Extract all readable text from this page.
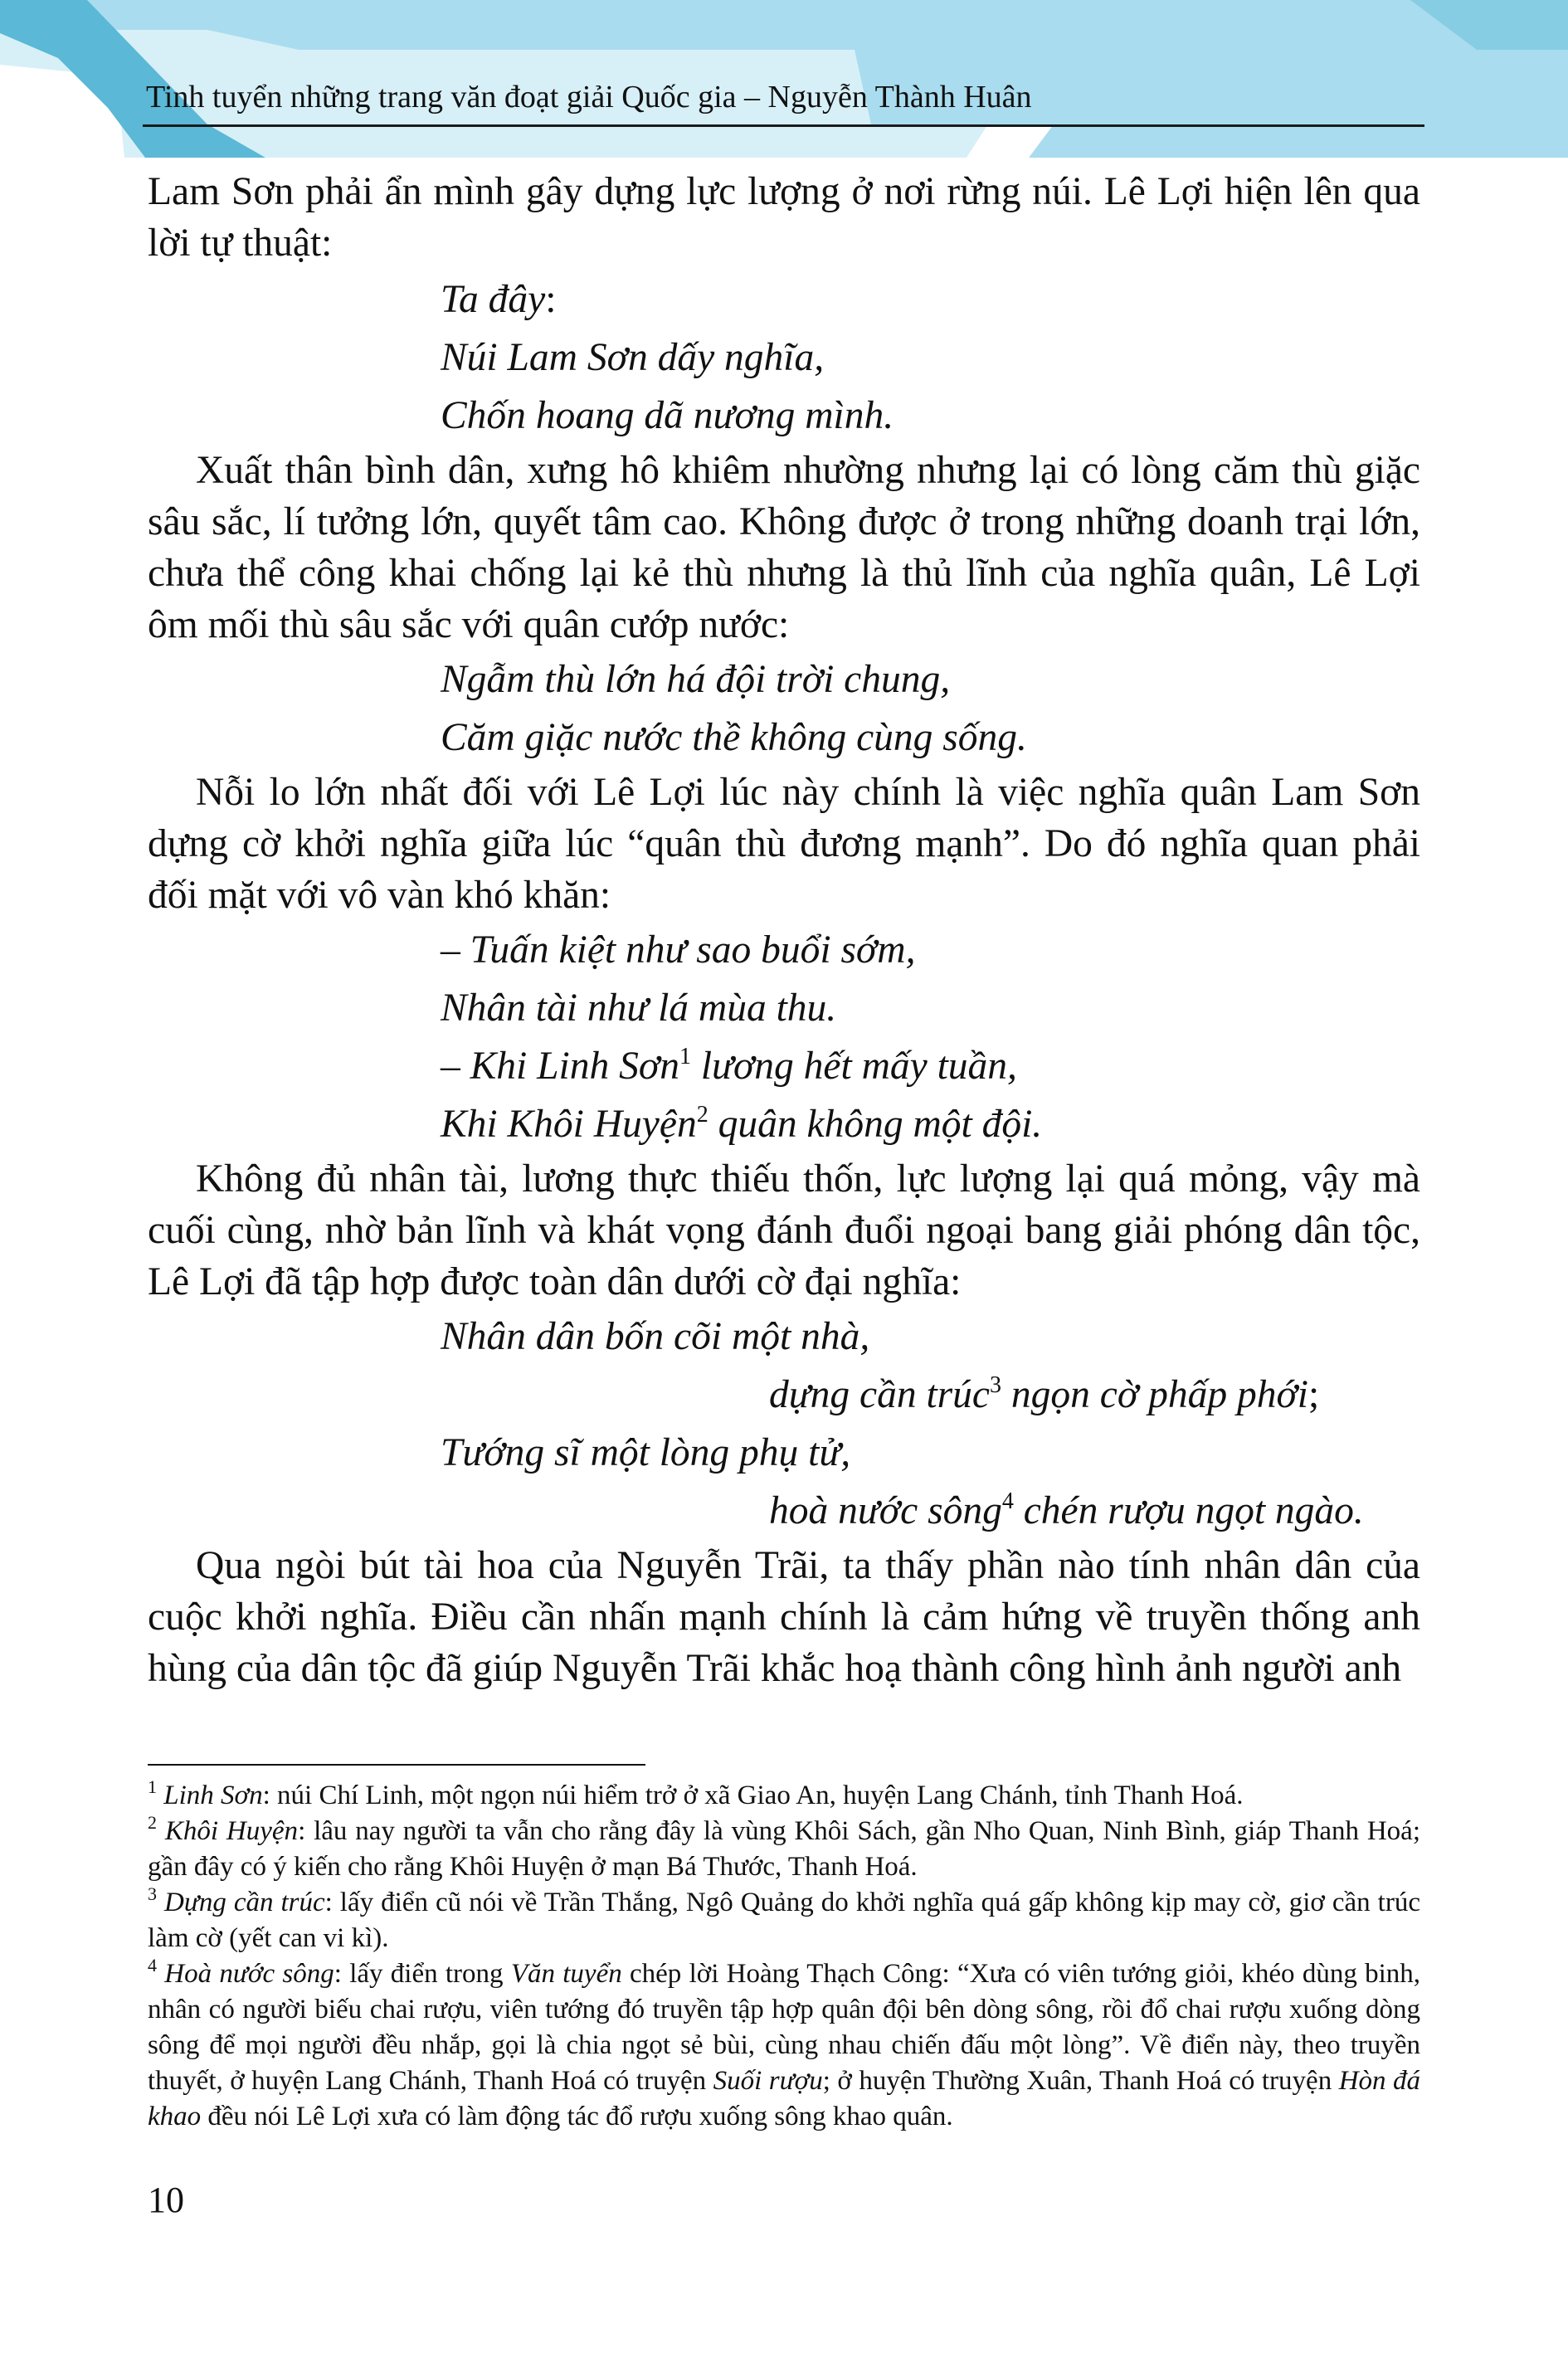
Tinh tuyển những trang văn đoạt giải Quốc gia – Nguyễn Thành Huân

Lam Sơn phải ẩn mình gây dựng lực lượng ở nơi rừng núi. Lê Lợi hiện lên qua lời tự thuật:

Ta đây:
Núi Lam Sơn dấy nghĩa,
Chốn hoang dã nương mình.

Xuất thân bình dân, xưng hô khiêm nhường nhưng lại có lòng căm thù giặc sâu sắc, lí tưởng lớn, quyết tâm cao. Không được ở trong những doanh trại lớn, chưa thể công khai chống lại kẻ thù nhưng là thủ lĩnh của nghĩa quân, Lê Lợi ôm mối thù sâu sắc với quân cướp nước:

Ngẫm thù lớn há đội trời chung,
Căm giặc nước thề không cùng sống.

Nỗi lo lớn nhất đối với Lê Lợi lúc này chính là việc nghĩa quân Lam Sơn dựng cờ khởi nghĩa giữa lúc “quân thù đương mạnh”. Do đó nghĩa quan phải đối mặt với vô vàn khó khăn:

– Tuấn kiệt như sao buổi sớm,
Nhân tài như lá mùa thu.
– Khi Linh Sơn$^1$ lương hết mấy tuần,
Khi Khôi Huyện$^2$ quân không một đội.

Không đủ nhân tài, lương thực thiếu thốn, lực lượng lại quá mỏng, vậy mà cuối cùng, nhờ bản lĩnh và khát vọng đánh đuổi ngoại bang giải phóng dân tộc, Lê Lợi đã tập hợp được toàn dân dưới cờ đại nghĩa:

Nhân dân bốn cõi một nhà,
dựng cần trúc$^3$ ngọn cờ phấp phới;
Tướng sĩ một lòng phụ tử,
hoà nước sông$^4$ chén rượu ngọt ngào.

Qua ngòi bút tài hoa của Nguyễn Trãi, ta thấy phần nào tính nhân dân của cuộc khởi nghĩa. Điều cần nhấn mạnh chính là cảm hứng về truyền thống anh hùng của dân tộc đã giúp Nguyễn Trãi khắc hoạ thành công hình ảnh người anh

$^1$ Linh Sơn: núi Chí Linh, một ngọn núi hiểm trở ở xã Giao An, huyện Lang Chánh, tỉnh Thanh Hoá.

$^2$ Khôi Huyện: lâu nay người ta vẫn cho rằng đây là vùng Khôi Sách, gần Nho Quan, Ninh Bình, giáp Thanh Hoá; gần đây có ý kiến cho rằng Khôi Huyện ở mạn Bá Thước, Thanh Hoá.

$^3$ Dựng cần trúc: lấy điển cũ nói về Trần Thắng, Ngô Quảng do khởi nghĩa quá gấp không kịp may cờ, giơ cần trúc làm cờ (yết can vi kì).

$^4$ Hoà nước sông: lấy điển trong Văn tuyển chép lời Hoàng Thạch Công: “Xưa có viên tướng giỏi, khéo dùng binh, nhân có người biếu chai rượu, viên tướng đó truyền tập hợp quân đội bên dòng sông, rồi đổ chai rượu xuống dòng sông để mọi người đều nhắp, gọi là chia ngọt sẻ bùi, cùng nhau chiến đấu một lòng”. Về điển này, theo truyền thuyết, ở huyện Lang Chánh, Thanh Hoá có truyện Suối rượu; ở huyện Thường Xuân, Thanh Hoá có truyện Hòn đá khao đều nói Lê Lợi xưa có làm động tác đổ rượu xuống sông khao quân.

10
